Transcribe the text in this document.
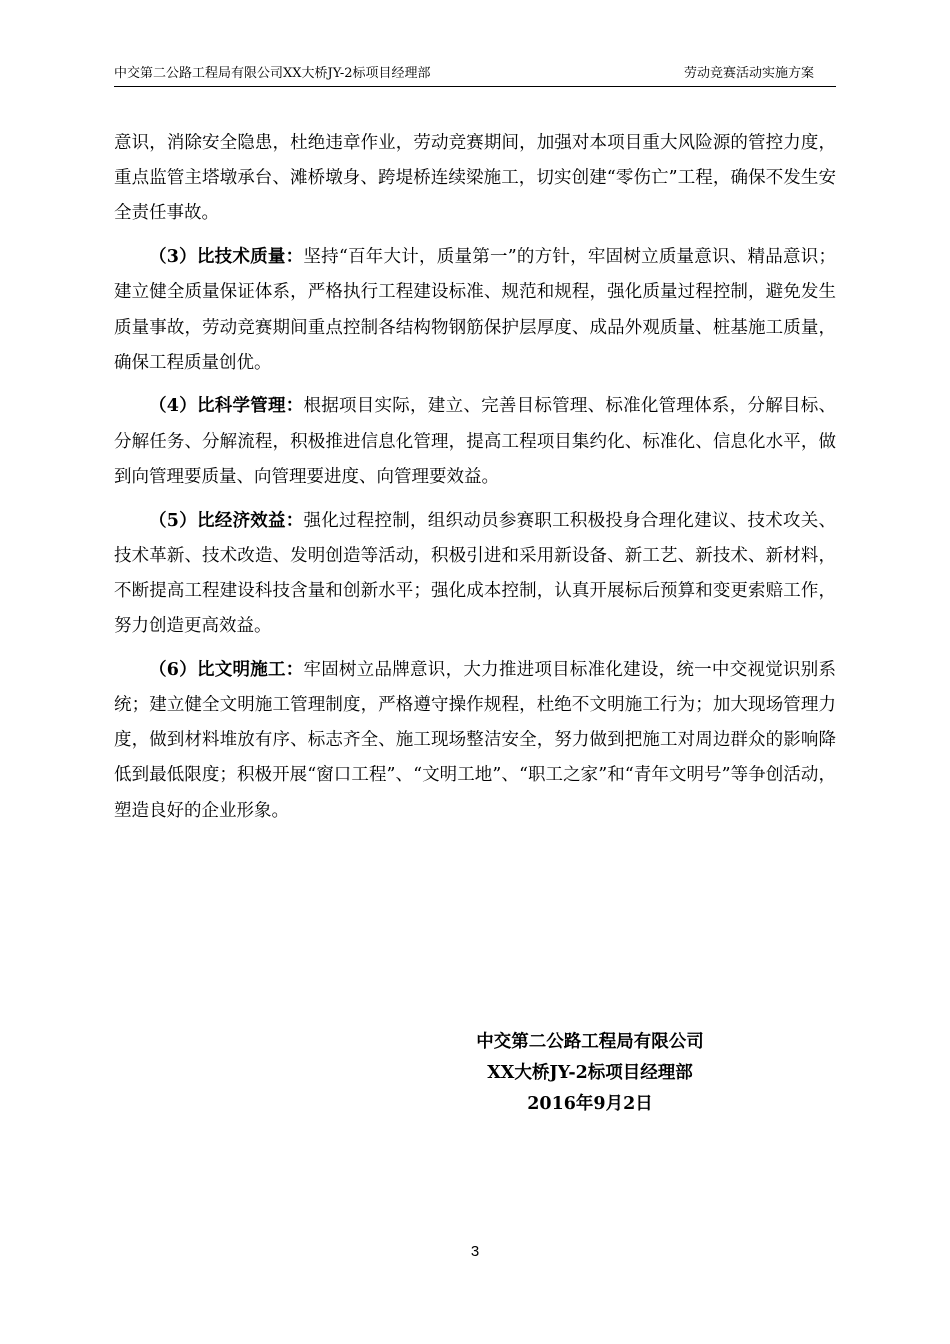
中交第二公路工程局有限公司XX大桥JY-2标项目经理部	劳动竞赛活动实施方案

意识，消除安全隐患，杜绝违章作业，劳动竞赛期间，加强对本项目重大风险源的管控力度，重点监管主塔墩承台、滩桥墩身、跨堤桥连续梁施工，切实创建“零伤亡”工程，确保不发生安全责任事故。

（3）比技术质量：坚持“百年大计，质量第一”的方针，牢固树立质量意识、精品意识；建立健全质量保证体系，严格执行工程建设标准、规范和规程，强化质量过程控制，避免发生质量事故，劳动竞赛期间重点控制各结构物钢筋保护层厚度、成品外观质量、桩基施工质量，确保工程质量创优。

（4）比科学管理：根据项目实际，建立、完善目标管理、标准化管理体系，分解目标、分解任务、分解流程，积极推进信息化管理，提高工程项目集约化、标准化、信息化水平，做到向管理要质量、向管理要进度、向管理要效益。

（5）比经济效益：强化过程控制，组织动员参赛职工积极投身合理化建议、技术攻关、技术革新、技术改造、发明创造等活动，积极引进和采用新设备、新工艺、新技术、新材料，不断提高工程建设科技含量和创新水平；强化成本控制，认真开展标后预算和变更索赔工作，努力创造更高效益。

（6）比文明施工：牢固树立品牌意识，大力推进项目标准化建设，统一中交视觉识别系统；建立健全文明施工管理制度，严格遵守操作规程，杜绝不文明施工行为；加大现场管理力度，做到材料堆放有序、标志齐全、施工现场整洁安全，努力做到把施工对周边群众的影响降低到最低限度；积极开展“窗口工程”、“文明工地”、“职工之家”和“青年文明号”等争创活动，塑造良好的企业形象。

中交第二公路工程局有限公司
XX大桥JY-2标项目经理部
2016年9月2日
3
